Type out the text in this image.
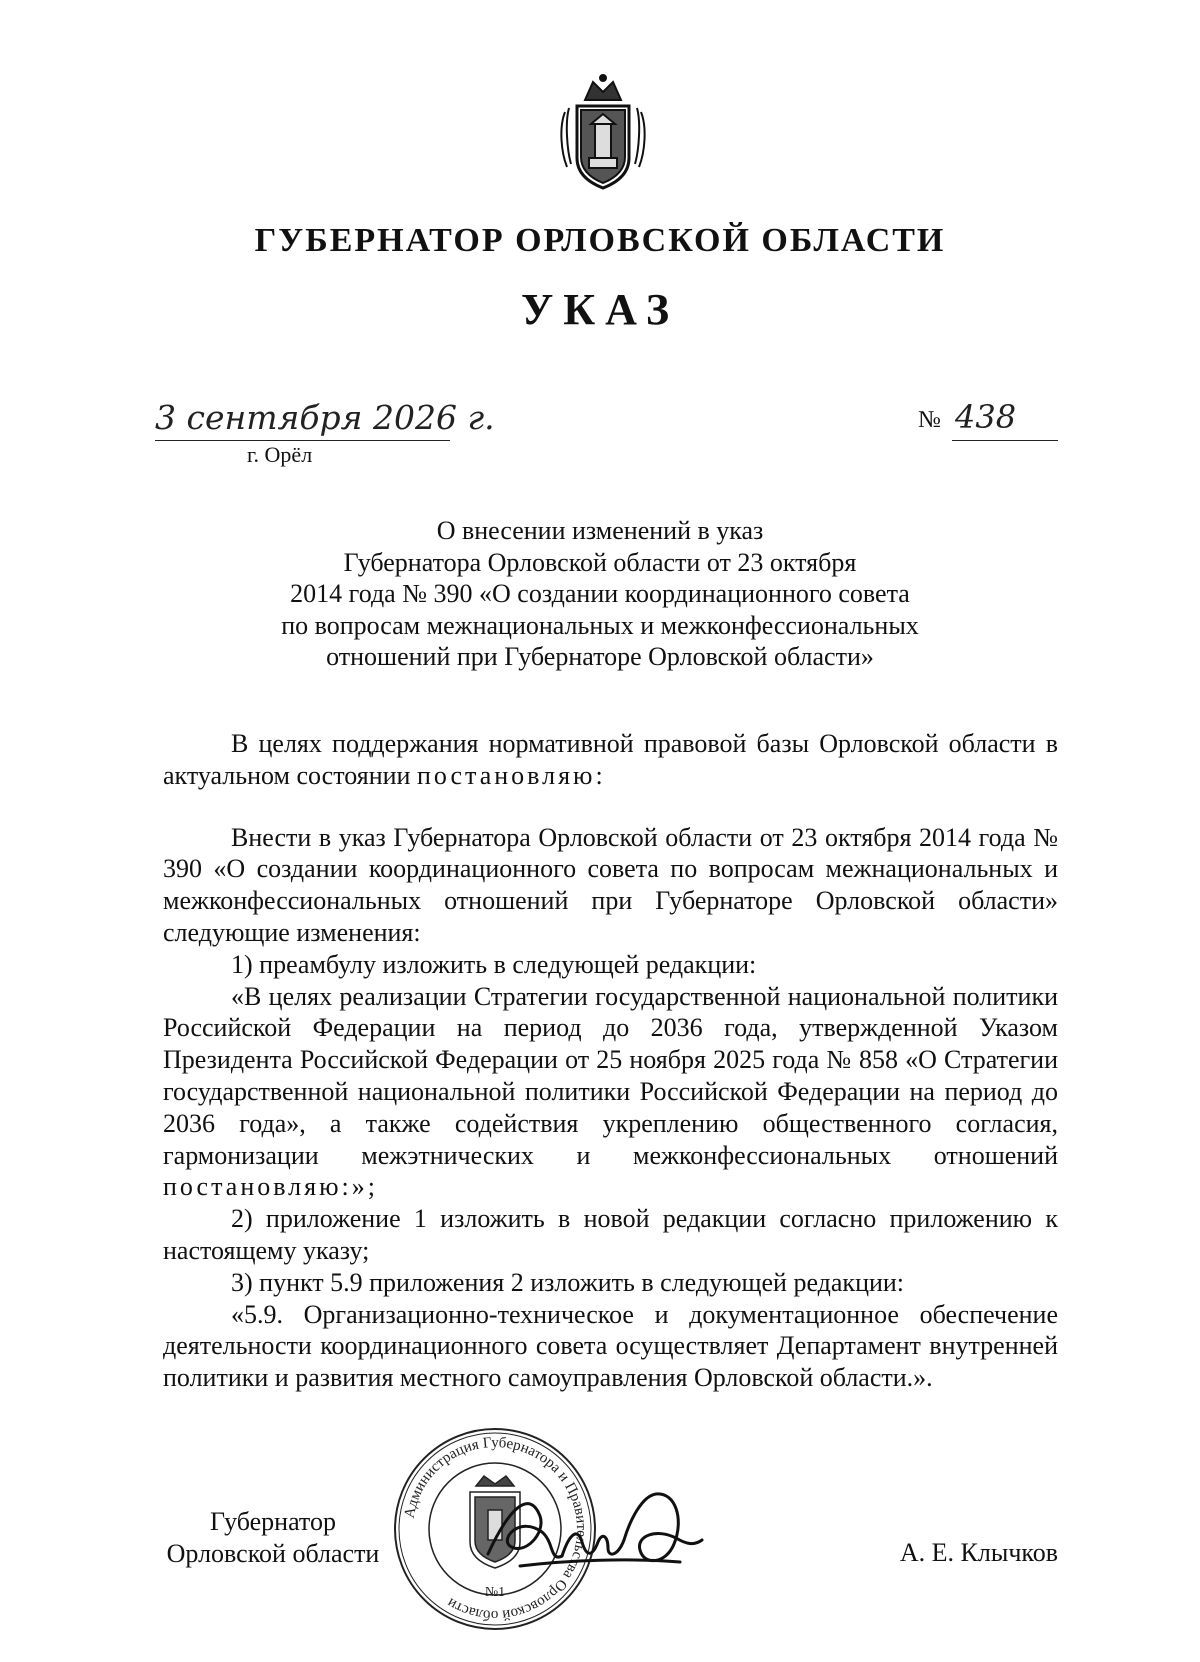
ГУБЕРНАТОР ОРЛОВСКОЙ ОБЛАСТИ
УКАЗ
3 сентября 2026 г.
г. Орёл
№ 438
О внесении изменений в указ
Губернатора Орловской области от 23 октября
2014 года № 390 «О создании координационного совета
по вопросам межнациональных и межконфессиональных
отношений при Губернаторе Орловской области»

В целях поддержания нормативной правовой базы Орловской области в актуальном состоянии постановляю:

Внести в указ Губернатора Орловской области от 23 октября 2014 года № 390 «О создании координационного совета по вопросам межнациональных и межконфессиональных отношений при Губернаторе Орловской области» следующие изменения:

1) преамбулу изложить в следующей редакции:

«В целях реализации Стратегии государственной национальной политики Российской Федерации на период до 2036 года, утвержденной Указом Президента Российской Федерации от 25 ноября 2025 года № 858 «О Стратегии государственной национальной политики Российской Федерации на период до 2036 года», а также содействия укреплению общественного согласия, гармонизации межэтнических и межконфессиональных отношений постановляю:»;

2) приложение 1 изложить в новой редакции согласно приложению к настоящему указу;

3) пункт 5.9 приложения 2 изложить в следующей редакции:

«5.9. Организационно-техническое и документационное обеспечение деятельности координационного совета осуществляет Департамент внутренней политики и развития местного самоуправления Орловской области.».

Губернатор
Орловской области
Администрация Губернатора и Правительства Орловской области
№1
А. Е. Клычков
